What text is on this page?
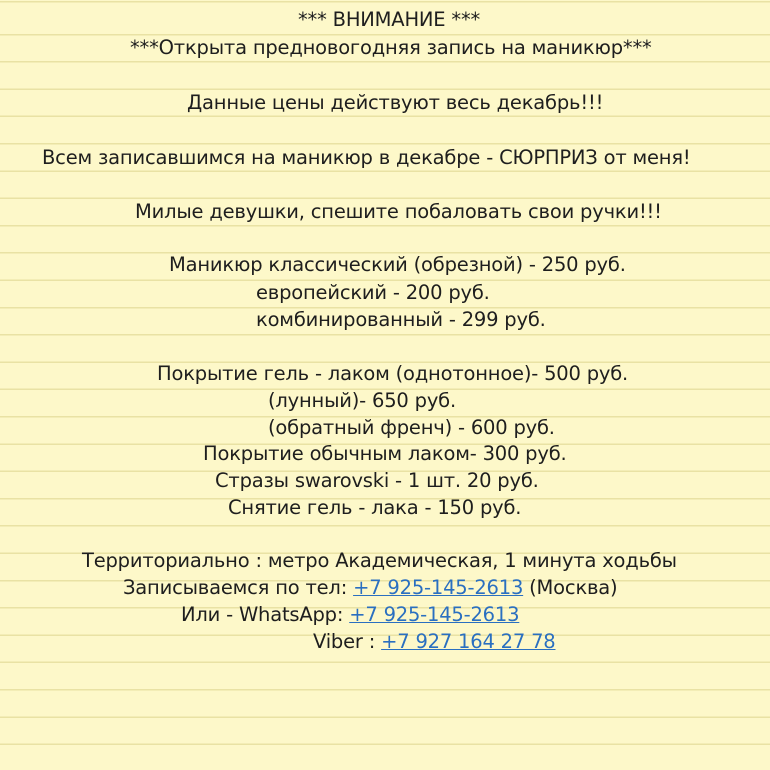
*** ВНИМАНИЕ ***
***Открыта предновогодняя запись на маникюр***
Данные цены действуют весь декабрь!!!
Всем записавшимся на маникюр в декабре - СЮРПРИЗ от меня!
Милые девушки, спешите побаловать свои ручки!!!
Маникюр классический (обрезной) - 250 руб.
европейский - 200 руб.
комбинированный - 299 руб.
Покрытие гель - лаком (однотонное)- 500 руб.
(лунный)- 650 руб.
(обратный френч) - 600 руб.
Покрытие обычным лаком- 300 руб.
Стразы swarovski - 1 шт. 20 руб.
Снятие гель - лака - 150 руб.
Территориально : метро Академическая, 1 минута ходьбы
Записываемся по тел: +7 925-145-2613 (Москва)
Или - WhatsApp: +7 925-145-2613
Viber : +7 927 164 27 78
